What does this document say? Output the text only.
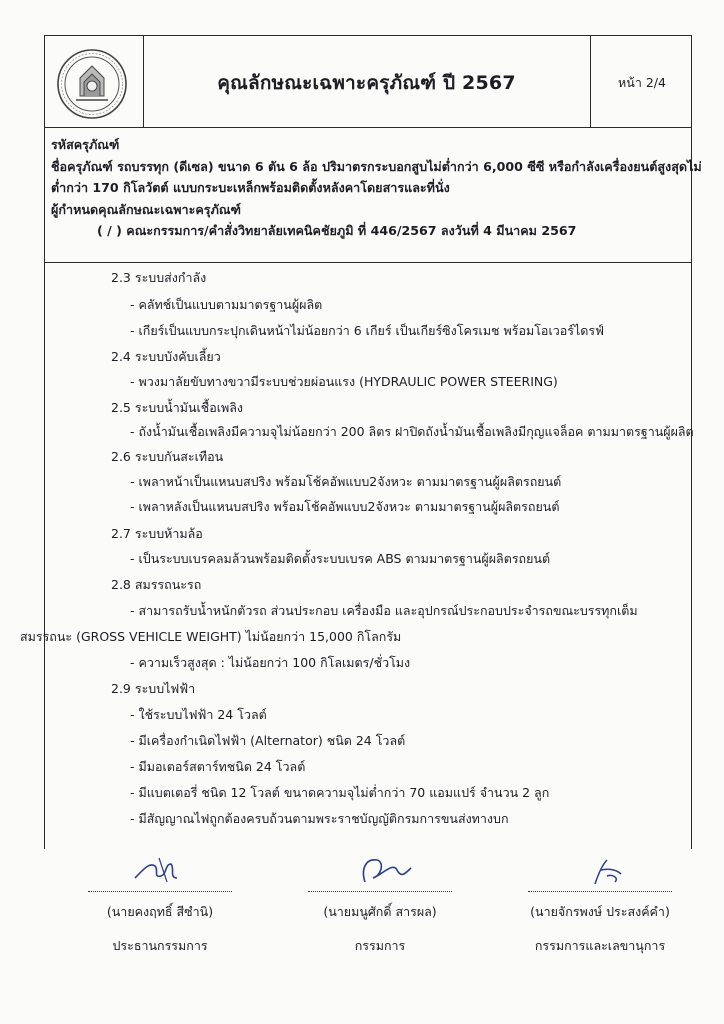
คุณลักษณะเฉพาะครุภัณฑ์ ปี 2567	หน้า 2/4
รหัสครุภัณฑ์
ชื่อครุภัณฑ์ รถบรรทุก (ดีเซล) ขนาด 6 ตัน 6 ล้อ ปริมาตรกระบอกสูบไม่ต่ำกว่า 6,000 ซีซี หรือกำลังเครื่องยนต์สูงสุดไม่
ต่ำกว่า 170 กิโลวัตต์ แบบกระบะเหล็กพร้อมติดตั้งหลังคาโดยสารและที่นั่ง
ผู้กำหนดคุณลักษณะเฉพาะครุภัณฑ์
( / ) คณะกรรมการ/คำสั่งวิทยาลัยเทคนิคชัยภูมิ ที่ 446/2567 ลงวันที่ 4 มีนาคม 2567
2.3 ระบบส่งกำลัง
- คลัทช์เป็นแบบตามมาตรฐานผู้ผลิต
- เกียร์เป็นแบบกระปุกเดินหน้าไม่น้อยกว่า 6 เกียร์ เป็นเกียร์ซิงโครเมช พร้อมโอเวอร์ไดรฟ์
2.4 ระบบบังคับเลี้ยว
- พวงมาลัยขับทางขวามีระบบช่วยผ่อนแรง (HYDRAULIC POWER STEERING)
2.5 ระบบน้ำมันเชื้อเพลิง
- ถังน้ำมันเชื้อเพลิงมีความจุไม่น้อยกว่า 200 ลิตร ฝาปิดถังน้ำมันเชื้อเพลิงมีกุญแจล็อค ตามมาตรฐานผู้ผลิต
2.6 ระบบกันสะเทือน
- เพลาหน้าเป็นแหนบสปริง พร้อมโช้คอัพแบบ2จังหวะ ตามมาตรฐานผู้ผลิตรถยนต์
- เพลาหลังเป็นแหนบสปริง พร้อมโช้คอัพแบบ2จังหวะ ตามมาตรฐานผู้ผลิตรถยนต์
2.7 ระบบห้ามล้อ
- เป็นระบบเบรคลมล้วนพร้อมติดตั้งระบบเบรค ABS ตามมาตรฐานผู้ผลิตรถยนต์
2.8 สมรรถนะรถ
- สามารถรับน้ำหนักตัวรถ ส่วนประกอบ เครื่องมือ และอุปกรณ์ประกอบประจำรถขณะบรรทุกเต็ม
สมรรถนะ (GROSS VEHICLE WEIGHT) ไม่น้อยกว่า 15,000 กิโลกรัม
- ความเร็วสูงสุด : ไม่น้อยกว่า 100 กิโลเมตร/ชั่วโมง
2.9 ระบบไฟฟ้า
- ใช้ระบบไฟฟ้า 24 โวลต์
- มีเครื่องกำเนิดไฟฟ้า (Alternator) ชนิด 24 โวลต์
- มีมอเตอร์สตาร์ทชนิด 24 โวลต์
- มีแบตเตอรี่ ชนิด 12 โวลต์ ขนาดความจุไม่ต่ำกว่า 70 แอมแปร์ จำนวน 2 ลูก
- มีสัญญาณไฟถูกต้องครบถ้วนตามพระราชบัญญัติกรมการขนส่งทางบก
(นายคงฤทธิ์ สีซำนิ)
ประธานกรรมการ
(นายมนูศักดิ์ สารผล)
กรรมการ
(นายจักรพงษ์ ประสงค์คำ)
กรรมการและเลขานุการ
